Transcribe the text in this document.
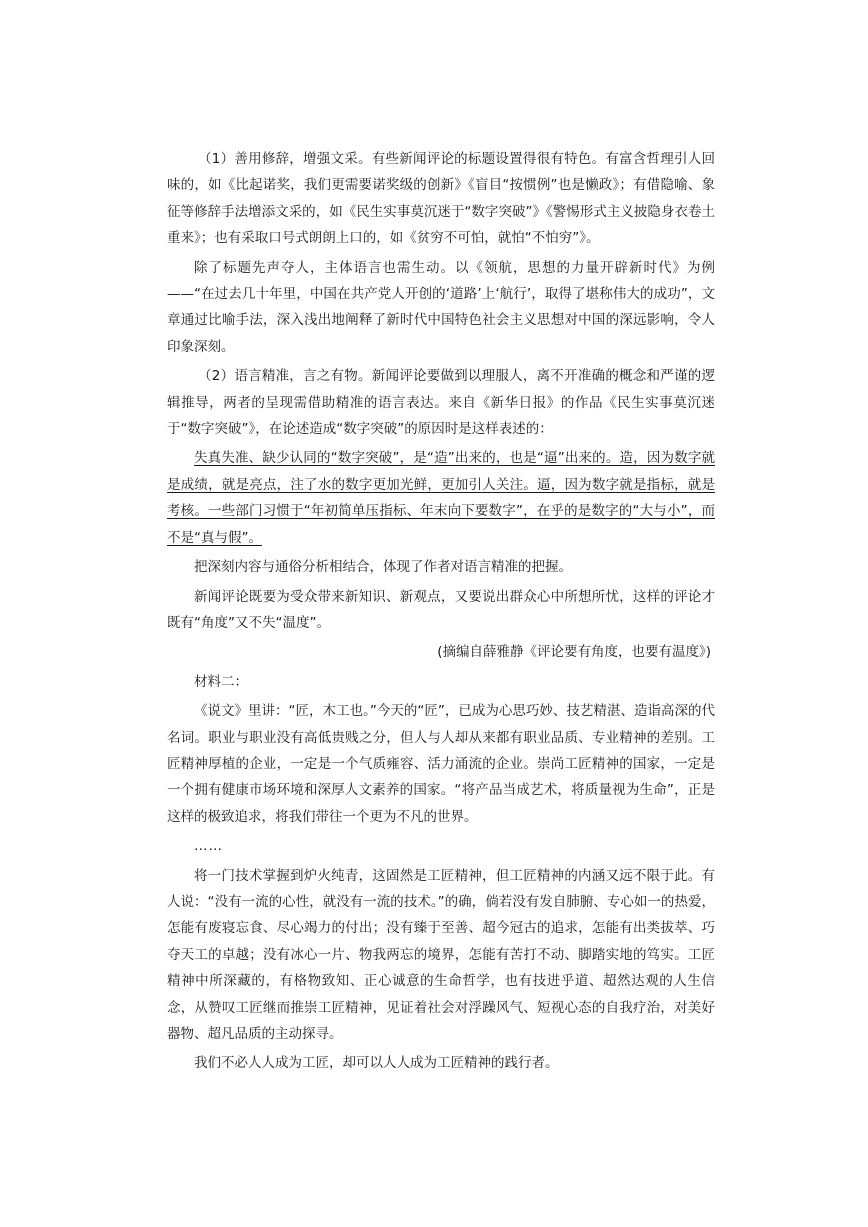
（1）善用修辞，增强文采。有些新闻评论的标题设置得很有特色。有富含哲理引人回味的，如《比起诺奖，我们更需要诺奖级的创新》《盲目“按惯例”也是懒政》；有借隐喻、象征等修辞手法增添文采的，如《民生实事莫沉迷于“数字突破”》《警惕形式主义披隐身衣卷土重来》；也有采取口号式朗朗上口的，如《贫穷不可怕，就怕“不怕穷”》。

除了标题先声夺人，主体语言也需生动。以《领航，思想的力量开辟新时代》为例——“在过去几十年里，中国在共产党人开创的‘道路’上‘航行’，取得了堪称伟大的成功”，文章通过比喻手法，深入浅出地阐释了新时代中国特色社会主义思想对中国的深远影响，令人印象深刻。

（2）语言精准，言之有物。新闻评论要做到以理服人，离不开准确的概念和严谨的逻辑推导，两者的呈现需借助精准的语言表达。来自《新华日报》的作品《民生实事莫沉迷于“数字突破”》，在论述造成“数字突破”的原因时是这样表述的：

失真失准、缺少认同的“数字突破”，是“造”出来的，也是“逼”出来的。造，因为数字就是成绩，就是亮点，注了水的数字更加光鲜，更加引人关注。逼，因为数字就是指标，就是考核。一些部门习惯于“年初简单压指标、年末向下要数字”，在乎的是数字的“大与小”，而不是“真与假”。

把深刻内容与通俗分析相结合，体现了作者对语言精准的把握。

新闻评论既要为受众带来新知识、新观点，又要说出群众心中所想所忧，这样的评论才既有“角度”又不失“温度”。

(摘编自薛雅静《评论要有角度，也要有温度》)

材料二：

《说文》里讲：“匠，木工也。”今天的“匠”，已成为心思巧妙、技艺精湛、造诣高深的代名词。职业与职业没有高低贵贱之分，但人与人却从来都有职业品质、专业精神的差别。工匠精神厚植的企业，一定是一个气质雍容、活力涌流的企业。崇尚工匠精神的国家，一定是一个拥有健康市场环境和深厚人文素养的国家。“将产品当成艺术，将质量视为生命”，正是这样的极致追求，将我们带往一个更为不凡的世界。

……

将一门技术掌握到炉火纯青，这固然是工匠精神，但工匠精神的内涵又远不限于此。有人说：“没有一流的心性，就没有一流的技术。”的确，倘若没有发自肺腑、专心如一的热爱，怎能有废寝忘食、尽心竭力的付出；没有臻于至善、超今冠古的追求，怎能有出类拔萃、巧夺天工的卓越；没有冰心一片、物我两忘的境界，怎能有苦打不动、脚踏实地的笃实。工匠精神中所深藏的，有格物致知、正心诚意的生命哲学，也有技进乎道、超然达观的人生信念，从赞叹工匠继而推崇工匠精神，见证着社会对浮躁风气、短视心态的自我疗治，对美好器物、超凡品质的主动探寻。

我们不必人人成为工匠，却可以人人成为工匠精神的践行者。
